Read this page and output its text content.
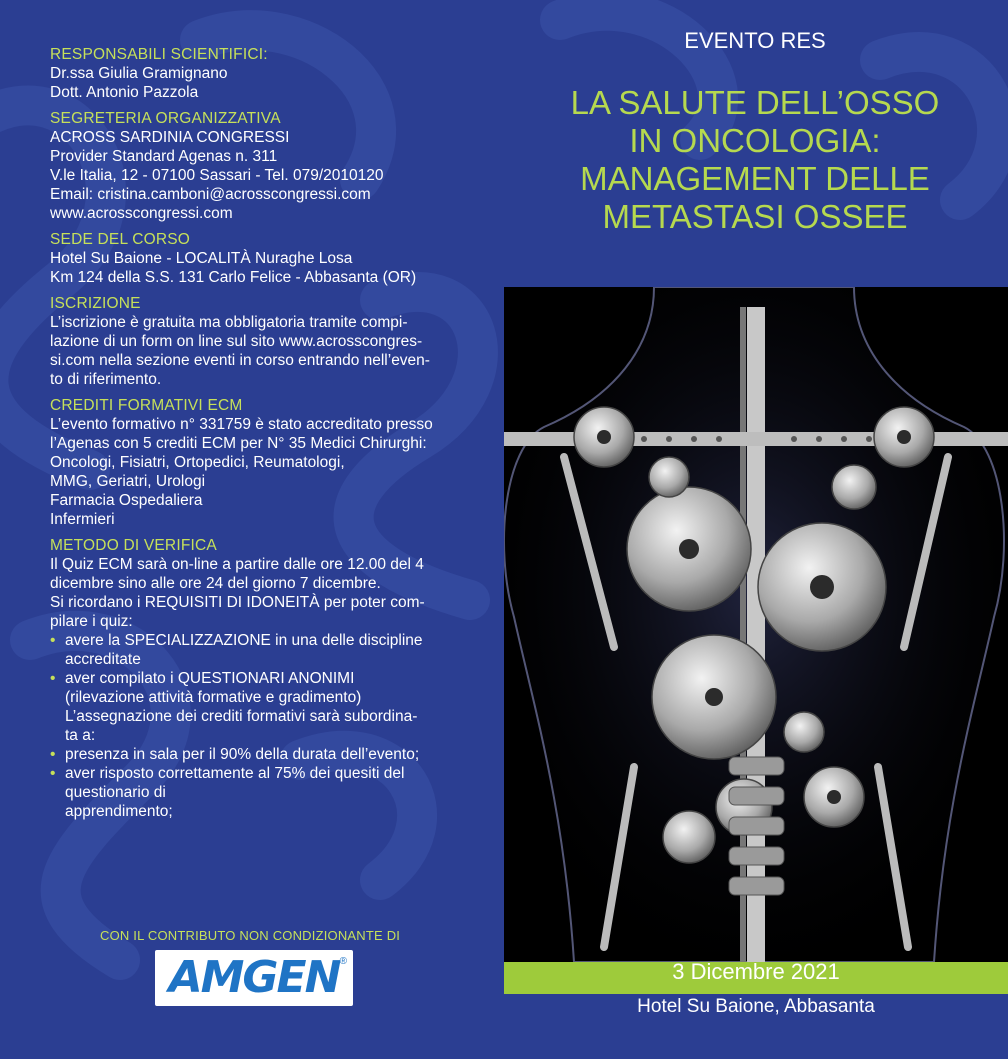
RESPONSABILI SCIENTIFICI:
Dr.ssa Giulia Gramignano
Dott. Antonio Pazzola
SEGRETERIA ORGANIZZATIVA
ACROSS SARDINIA CONGRESSI
Provider Standard Agenas n. 311
V.le Italia, 12 - 07100 Sassari - Tel. 079/2010120
Email: cristina.camboni@acrosscongressi.com
www.acrosscongressi.com
SEDE DEL CORSO
Hotel Su Baione - LOCALITÀ Nuraghe Losa
Km 124 della S.S. 131 Carlo Felice - Abbasanta (OR)
ISCRIZIONE
L’iscrizione è gratuita ma obbligatoria tramite compi-
lazione di un form on line sul sito www.acrosscongres-
si.com nella sezione eventi in corso entrando nell’even-
to di riferimento.
CREDITI FORMATIVI ECM
L’evento formativo n° 331759 è stato accreditato presso
l’Agenas con 5 crediti ECM per N° 35 Medici Chirurghi:
Oncologi, Fisiatri, Ortopedici, Reumatologi,
MMG, Geriatri, Urologi
Farmacia Ospedaliera
Infermieri
METODO DI VERIFICA
Il Quiz ECM sarà on-line a partire dalle ore 12.00 del 4
dicembre sino alle ore 24 del giorno 7 dicembre.
Si ricordano i REQUISITI DI IDONEITÀ per poter com-
pilare i quiz:
• avere la SPECIALIZZAZIONE in una delle discipline
accreditate
• aver compilato i QUESTIONARI ANONIMI
(rilevazione attività formative e gradimento)
L’assegnazione dei crediti formativi sarà subordina-
ta a:
• presenza in sala per il 90% della durata dell’evento;
• aver risposto correttamente al 75% dei quesiti del
questionario di
apprendimento;
CON IL CONTRIBUTO NON CONDIZIONANTE DI
AMGEN ®
EVENTO RES
LA SALUTE DELL’OSSO
IN ONCOLOGIA:
MANAGEMENT DELLE
METASTASI OSSEE
3 Dicembre 2021
Hotel Su Baione, Abbasanta
